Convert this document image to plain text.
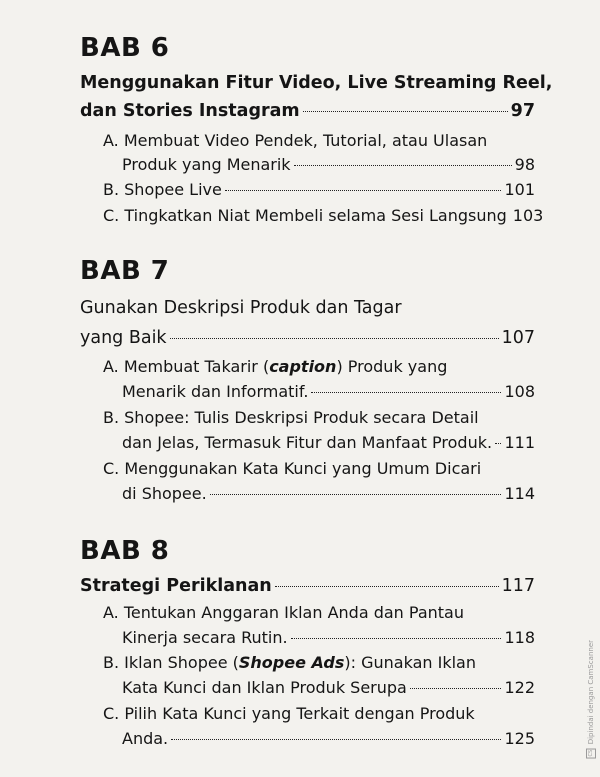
BAB 6
Menggunakan Fitur Video, Live Streaming Reel,
dan Stories Instagram	97
A. Membuat Video Pendek, Tutorial, atau Ulasan
Produk yang Menarik	98
B. Shopee Live	101
C. Tingkatkan Niat Membeli selama Sesi Langsung 103
BAB 7
Gunakan Deskripsi Produk dan Tagar
yang Baik	107
A. Membuat Takarir (caption) Produk yang
Menarik dan Informatif.	108
B. Shopee: Tulis Deskripsi Produk secara Detail
dan Jelas, Termasuk Fitur dan Manfaat Produk. 111
C. Menggunakan Kata Kunci yang Umum Dicari
di Shopee.	114
BAB 8
Strategi Periklanan	117
A. Tentukan Anggaran Iklan Anda dan Pantau
Kinerja secara Rutin.	118
B. Iklan Shopee (Shopee Ads): Gunakan Iklan
Kata Kunci dan Iklan Produk Serupa	122
C. Pilih Kata Kunci yang Terkait dengan Produk
Anda.	125
CS Dipindai dengan CamScanner
